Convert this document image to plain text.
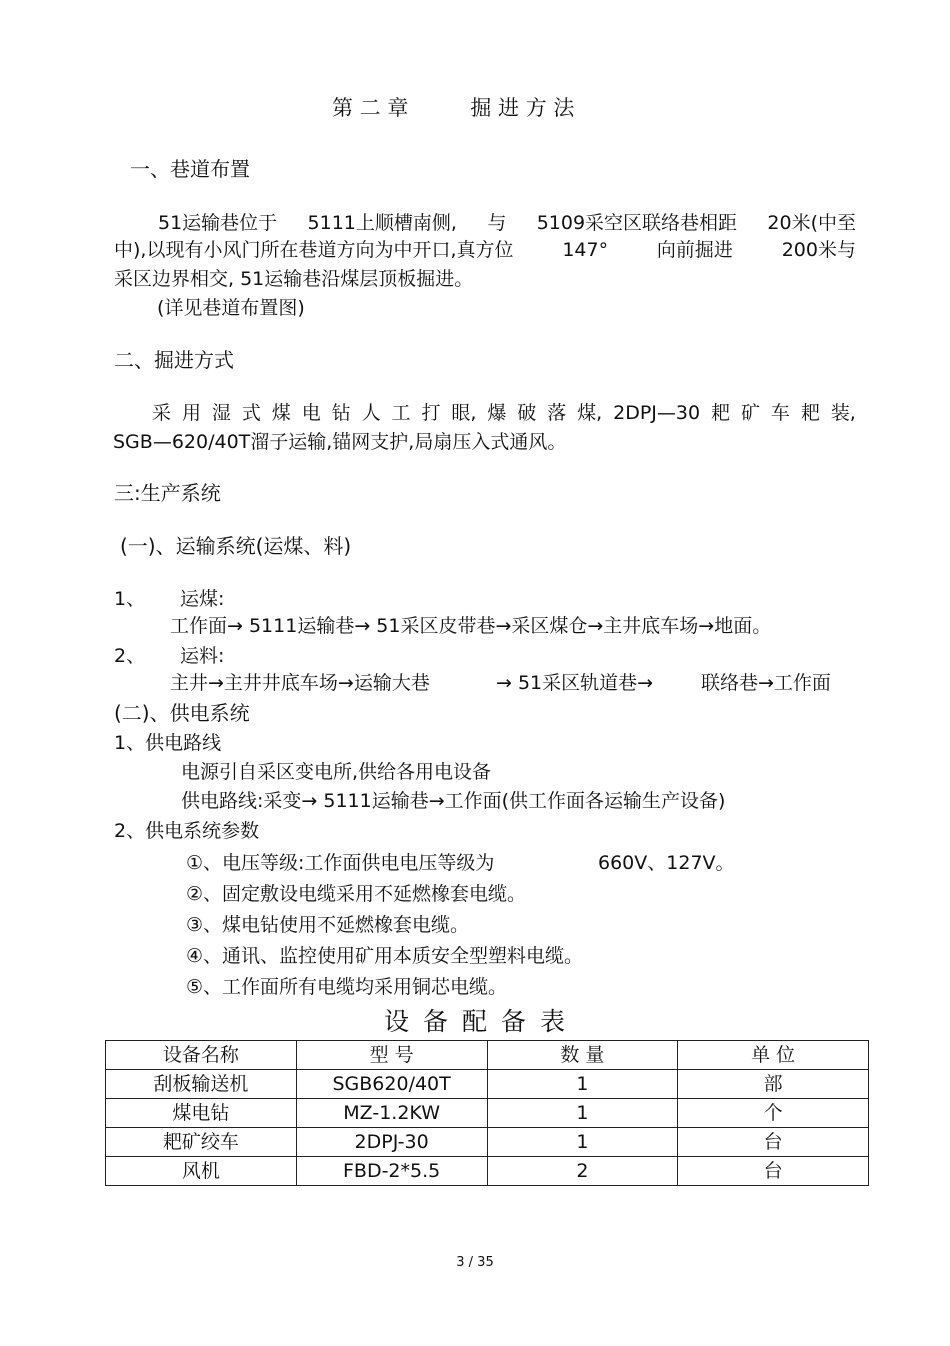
第 二 章	掘 进 方 法
一、巷道布置
51运输巷位于 5111上顺槽南侧, 与 5109采空区联络巷相距 20米(中至
中),以现有小风门所在巷道方向为中开口,真方位	147°	向前掘进	200米与
采区边界相交, 51运输巷沿煤层顶板掘进。
(详见巷道布置图)
二、掘进方式
采 用 湿 式 煤 电 钻 人 工 打 眼, 爆 破 落 煤, 2DPJ—30 耙 矿 车 耙 装,
SGB—620/40T溜子运输,锚网支护,局扇压入式通风。
三:生产系统
(一)、运输系统(运煤、料)
1、 运煤:
工作面→ 5111运输巷→ 51采区皮带巷→采区煤仓→主井底车场→地面。
2、 运料:
主井→主井井底车场→运输大巷	→ 51采区轨道巷→	联络巷→工作面
(二)、供电系统
1、供电路线
电源引自采区变电所,供给各用电设备
供电路线:采变→ 5111运输巷→工作面(供工作面各运输生产设备)
2、供电系统参数
①、电压等级:工作面供电电压等级为	660V、127V。
②、固定敷设电缆采用不延燃橡套电缆。
③、煤电钻使用不延燃橡套电缆。
④、通讯、监控使用矿用本质安全型塑料电缆。
⑤、工作面所有电缆均采用铜芯电缆。
设备配备表
设备名称	型 号	数 量	单 位
刮板输送机	SGB620/40T	1	部
煤电钻	MZ-1.2KW	1	个
耙矿绞车	2DPJ-30	1	台
风机	FBD-2*5.5	2	台
3 / 35
